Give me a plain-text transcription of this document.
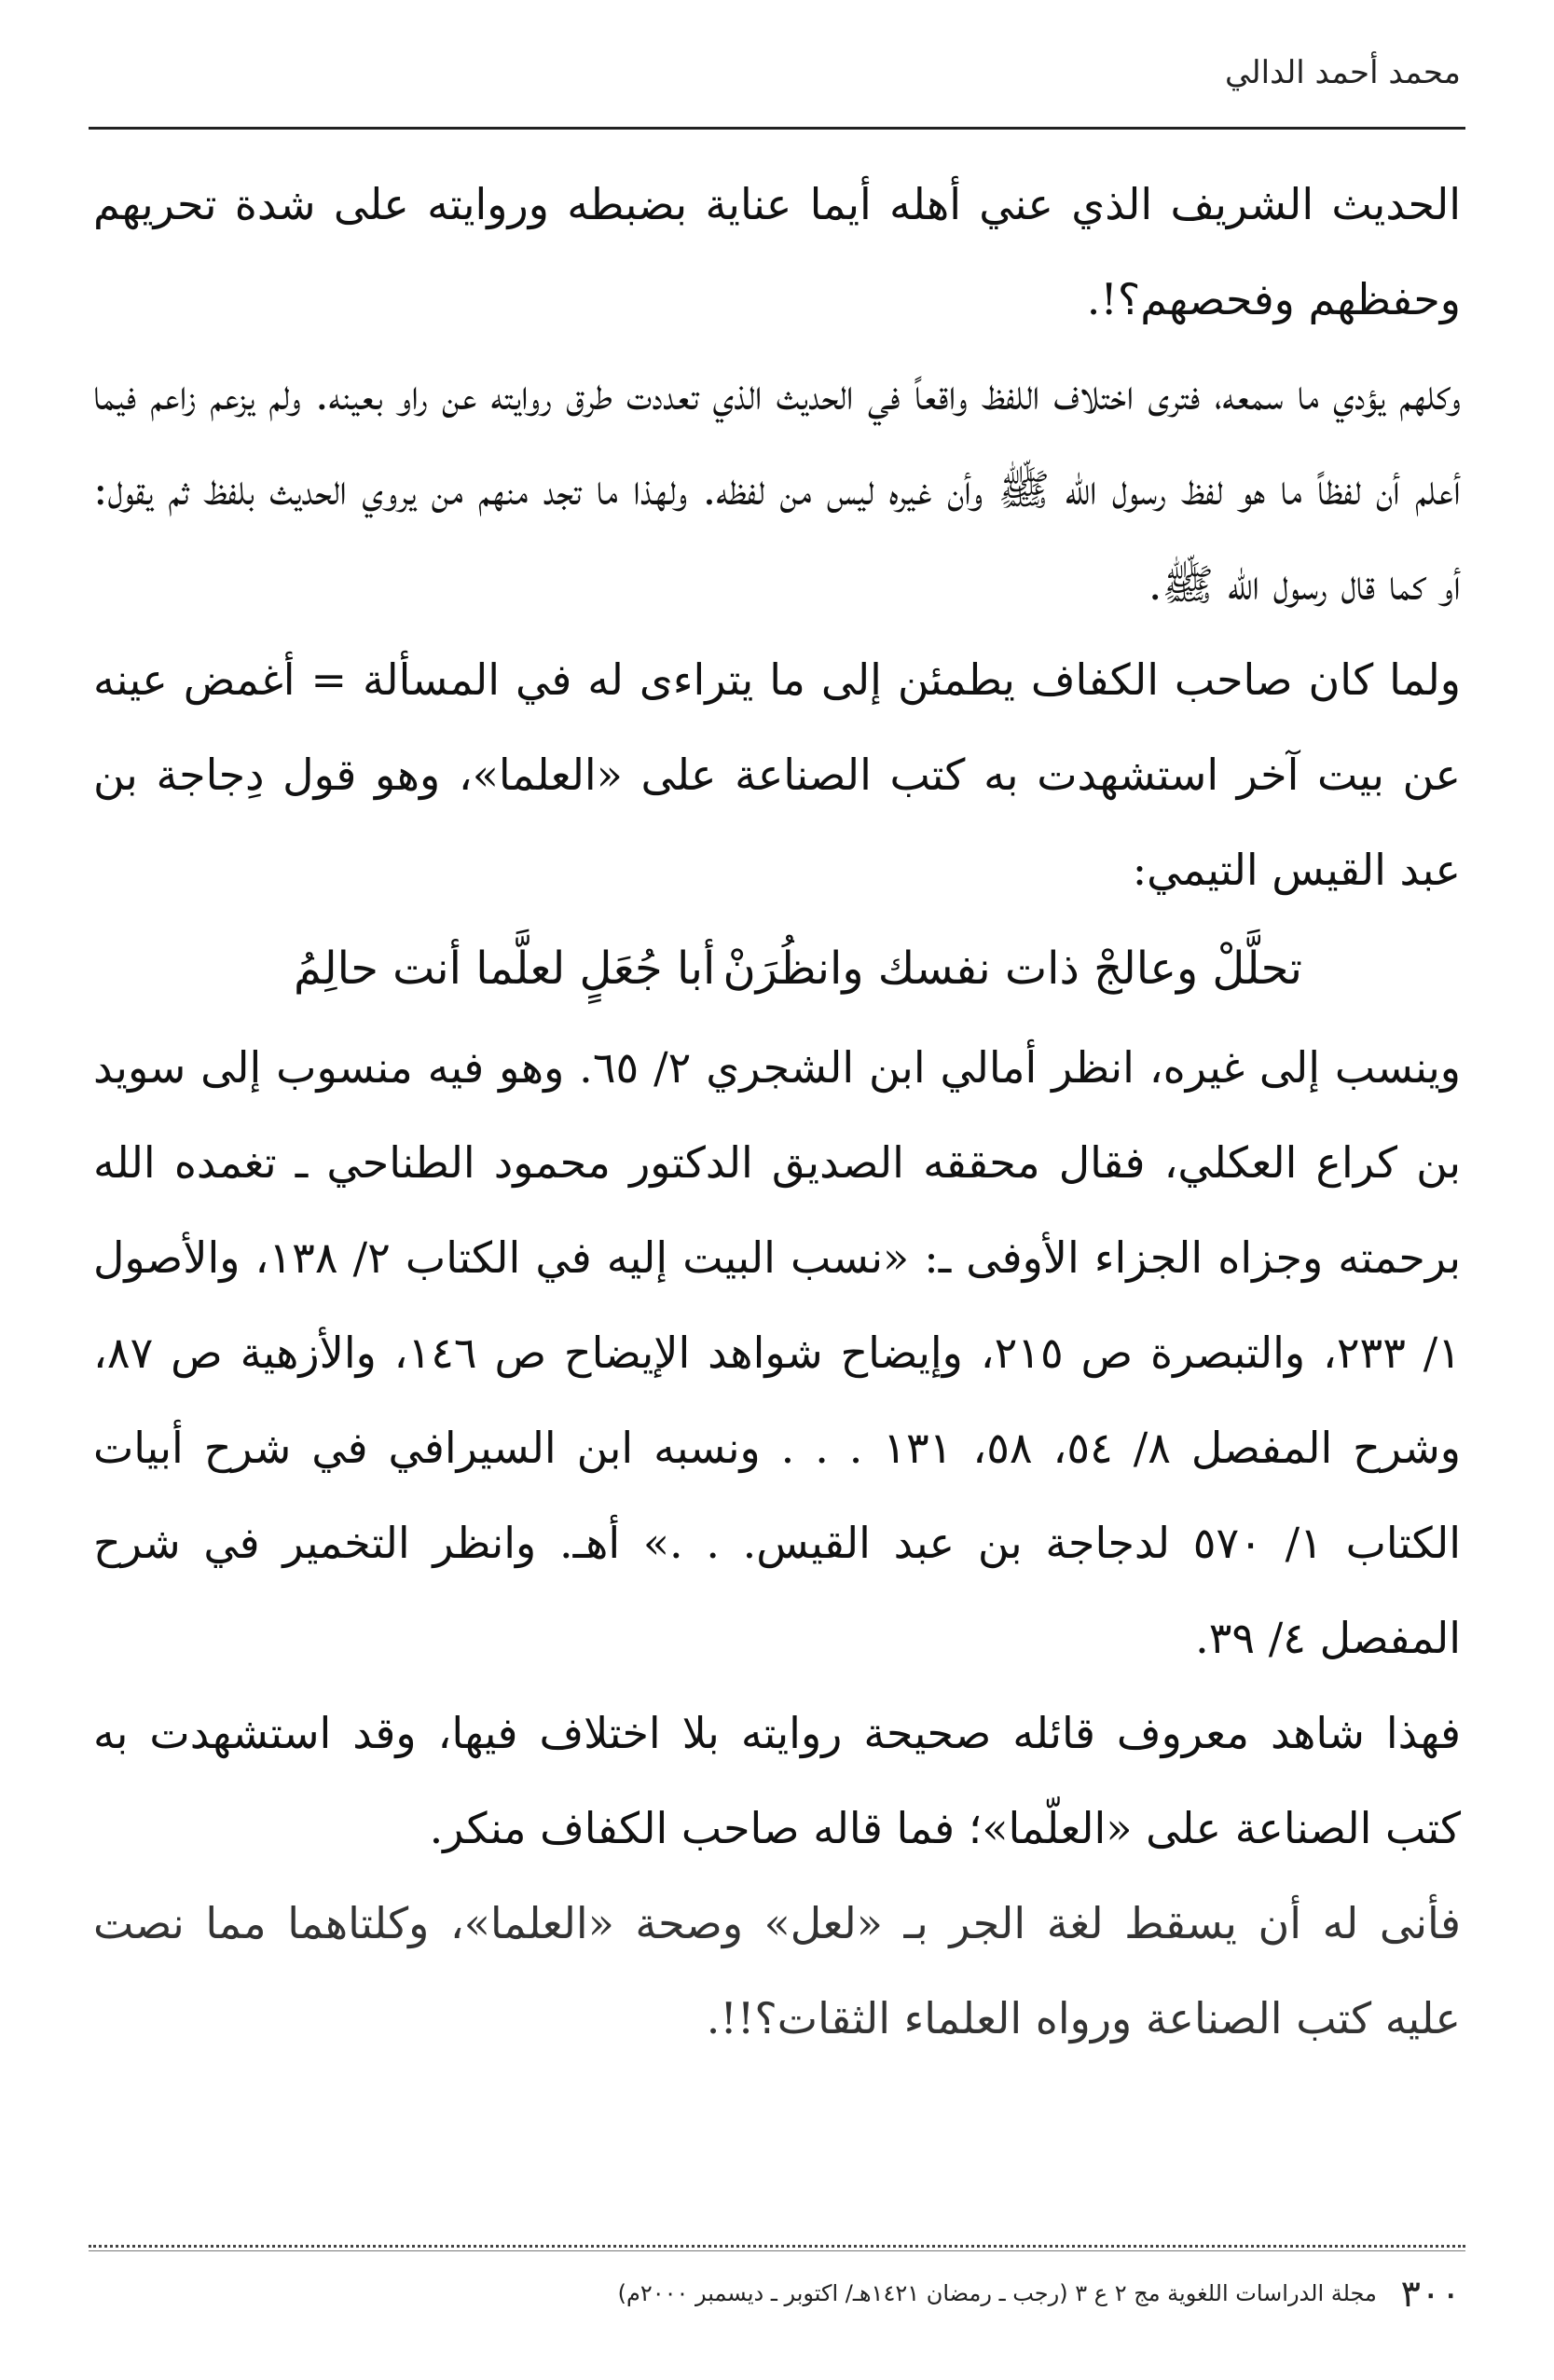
محمد أحمد الدالي

الحديث الشريف الذي عني أهله أيما عناية بضبطه وروايته على شدة تحريهم وحفظهم وفحصهم؟!.

وكلهم يؤدي ما سمعه، فترى اختلاف اللفظ واقعاً في الحديث الذي تعددت طرق روايته عن راو بعينه. ولم يزعم زاعم فيما أعلم أن لفظاً ما هو لفظ رسول الله ﷺ وأن غيره ليس من لفظه. ولهذا ما تجد منهم من يروي الحديث بلفظ ثم يقول: أو كما قال رسول الله ﷺ.

ولما كان صاحب الكفاف يطمئن إلى ما يتراءى له في المسألة = أغمض عينه عن بيت آخر استشهدت به كتب الصناعة على «العلما»، وهو قول دِجاجة بن عبد القيس التيمي:

تحلَّلْ وعالجْ ذات نفسك وانظُرَنْ
أبا جُعَلٍ لعلَّما أنت حالِمُ

وينسب إلى غيره، انظر أمالي ابن الشجري ٢/ ٦٥. وهو فيه منسوب إلى سويد بن كراع العكلي، فقال محققه الصديق الدكتور محمود الطناحي ـ تغمده الله برحمته وجزاه الجزاء الأوفى ـ: «نسب البيت إليه في الكتاب ٢/ ١٣٨، والأصول ١/ ٢٣٣، والتبصرة ص ٢١٥، وإيضاح شواهد الإيضاح ص ١٤٦، والأزهية ص ٨٧، وشرح المفصل ٨/ ٥٤، ٥٨، ١٣١ . . . ونسبه ابن السيرافي في شرح أبيات الكتاب ١/ ٥٧٠ لدجاجة بن عبد القيس. . .» أهـ. وانظر التخمير في شرح المفصل ٤/ ٣٩.

فهذا شاهد معروف قائله صحيحة روايته بلا اختلاف فيها، وقد استشهدت به كتب الصناعة على «العلّما»؛ فما قاله صاحب الكفاف منكر.

فأنى له أن يسقط لغة الجر بـ «لعل» وصحة «العلما»، وكلتاهما مما نصت عليه كتب الصناعة ورواه العلماء الثقات؟!!.

٣٠٠ مجلة الدراسات اللغوية مج ٢ ع ٣ (رجب ـ رمضان ١٤٢١هـ/ اكتوبر ـ ديسمبر ٢٠٠٠م)
